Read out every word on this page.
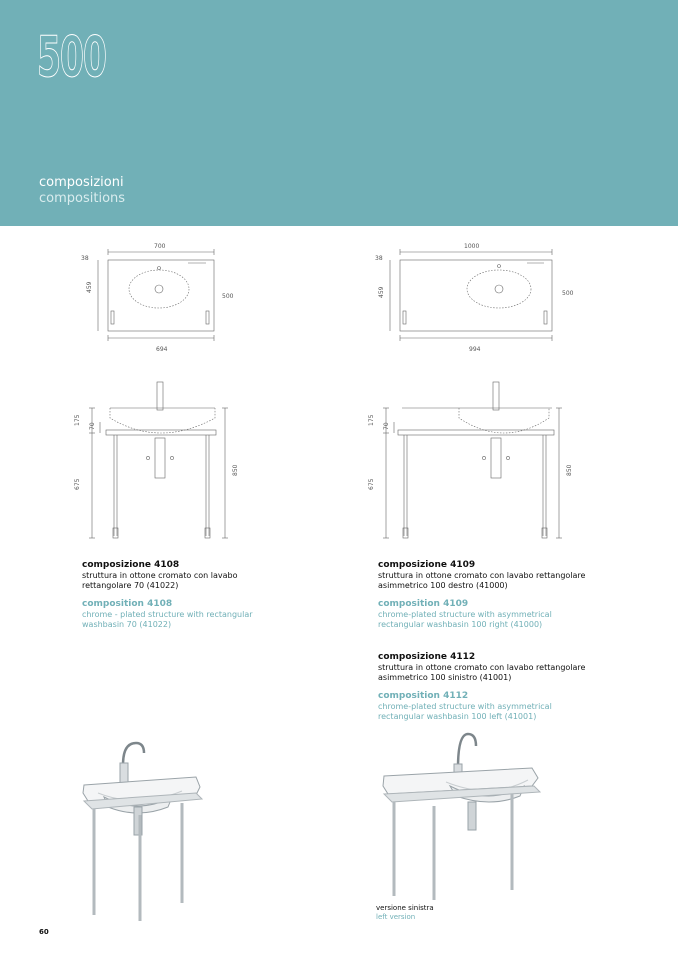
500
composizioni
compositions
700
38
459
500
694
1000
38
459	500
994
175
70
675
850
175
70
675
850
composizione 4108
struttura in ottone cromato con lavabo
rettangolare 70 (41022)
composition 4108
chrome - plated structure with rectangular
washbasin 70 (41022)
composizione 4109
struttura in ottone cromato con lavabo rettangolare
asimmetrico 100 destro (41000)
composition 4109
chrome-plated structure with asymmetrical
rectangular washbasin 100 right (41000)
composizione 4112
struttura in ottone cromato con lavabo rettangolare
asimmetrico 100 sinistro (41001)
composition 4112
chrome-plated structure with asymmetrical
rectangular washbasin 100 left (41001)
versione sinistra
left version
60
